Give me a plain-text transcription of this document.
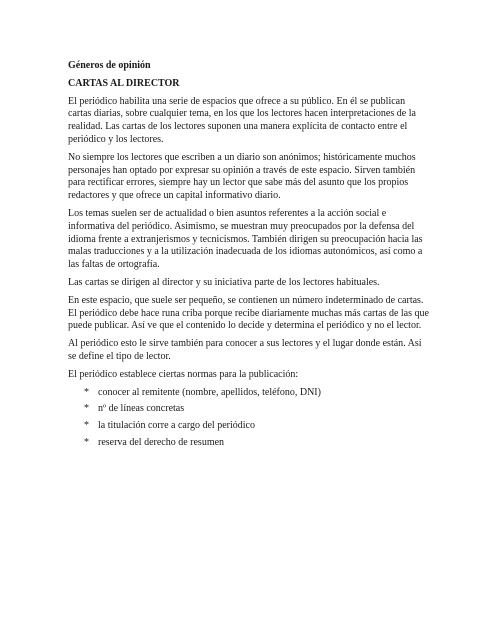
Géneros de opinión
CARTAS AL DIRECTOR

El periódico habilita una serie de espacios que ofrece a su público. En él se publican cartas diarias, sobre cualquier tema, en los que los lectores hacen interpretaciones de la realidad. Las cartas de los lectores suponen una manera explícita de contacto entre el periódico y los lectores.

No siempre los lectores que escriben a un diario son anónimos; históricamente muchos personajes han optado por expresar su opinión a través de este espacio. Sirven también para rectificar errores, siempre hay un lector que sabe más del asunto que los propios redactores y que ofrece un capital informativo diario.

Los temas suelen ser de actualidad o bien asuntos referentes a la acción social e informativa del periódico. Asimismo, se muestran muy preocupados por la defensa del idioma frente a extranjerismos y tecnicismos. También dirigen su preocupación hacia las malas traducciones y a la utilización inadecuada de los idiomas autonómicos, así como a las faltas de ortografía.

Las cartas se dirigen al director y su iniciativa parte de los lectores habituales.

En este espacio, que suele ser pequeño, se contienen un número indeterminado de cartas. El periódico debe hace runa criba porque recibe diariamente muchas más cartas de las que puede publicar. Así ve que el contenido lo decide y determina el periódico y no el lector.

Al periódico esto le sirve también para conocer a sus lectores y el lugar donde están. Así se define el tipo de lector.

El periódico establece ciertas normas para la publicación:

* conocer al remitente (nombre, apellidos, teléfono, DNI)
* nº de líneas concretas
* la titulación corre a cargo del periódico
* reserva del derecho de resumen
